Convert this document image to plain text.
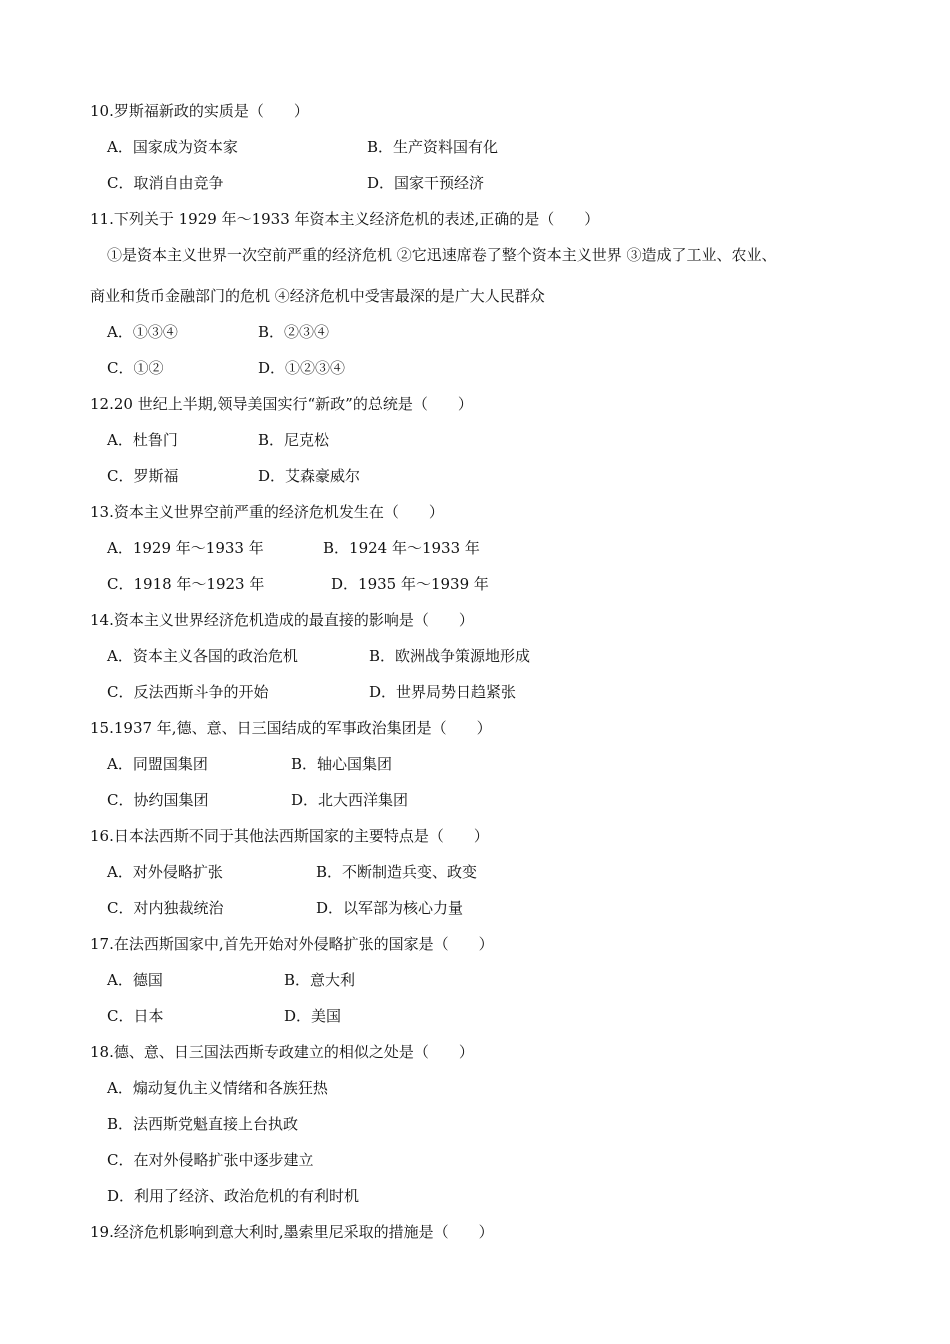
10.罗斯福新政的实质是（　　）
A．国家成为资本家	B．生产资料国有化
C．取消自由竞争	D．国家干预经济
11.下列关于 1929 年～1933 年资本主义经济危机的表述,正确的是（　　）
①是资本主义世界一次空前严重的经济危机 ②它迅速席卷了整个资本主义世界 ③造成了工业、农业、
商业和货币金融部门的危机 ④经济危机中受害最深的是广大人民群众
A．①③④	B．②③④
C．①②	D．①②③④
12.20 世纪上半期,领导美国实行“新政”的总统是（　　）
A．杜鲁门	B．尼克松
C．罗斯福	D．艾森豪威尔
13.资本主义世界空前严重的经济危机发生在（　　）
A．1929 年～1933 年	B．1924 年～1933 年
C．1918 年～1923 年	D．1935 年～1939 年
14.资本主义世界经济危机造成的最直接的影响是（　　）
A．资本主义各国的政治危机	B．欧洲战争策源地形成
C．反法西斯斗争的开始	D．世界局势日趋紧张
15.1937 年,德、意、日三国结成的军事政治集团是（　　）
A．同盟国集团	B．轴心国集团
C．协约国集团	D．北大西洋集团
16.日本法西斯不同于其他法西斯国家的主要特点是（　　）
A．对外侵略扩张	B．不断制造兵变、政变
C．对内独裁统治	D．以军部为核心力量
17.在法西斯国家中,首先开始对外侵略扩张的国家是（　　）
A．德国	B．意大利
C．日本	D．美国
18.德、意、日三国法西斯专政建立的相似之处是（　　）
A．煽动复仇主义情绪和各族狂热
B．法西斯党魁直接上台执政
C．在对外侵略扩张中逐步建立
D．利用了经济、政治危机的有利时机
19.经济危机影响到意大利时,墨索里尼采取的措施是（　　）
